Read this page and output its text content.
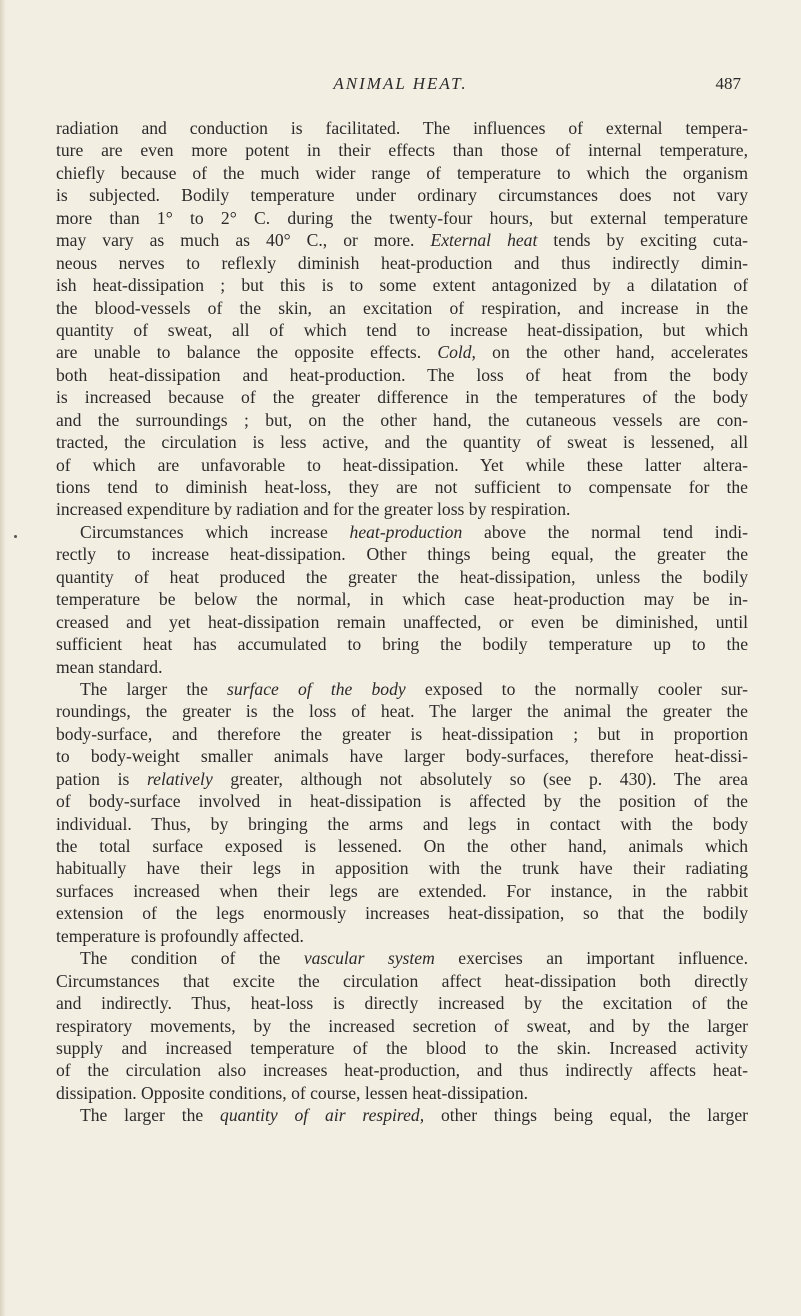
ANIMAL HEAT.	487
radiation and conduction is facilitated. The influences of external tempera-
ture are even more potent in their effects than those of internal temperature,
chiefly because of the much wider range of temperature to which the organism
is subjected. Bodily temperature under ordinary circumstances does not vary
more than 1° to 2° C. during the twenty-four hours, but external temperature
may vary as much as 40° C., or more. External heat tends by exciting cuta-
neous nerves to reflexly diminish heat-production and thus indirectly dimin-
ish heat-dissipation ; but this is to some extent antagonized by a dilatation of
the blood-vessels of the skin, an excitation of respiration, and increase in the
quantity of sweat, all of which tend to increase heat-dissipation, but which
are unable to balance the opposite effects. Cold, on the other hand, accelerates
both heat-dissipation and heat-production. The loss of heat from the body
is increased because of the greater difference in the temperatures of the body
and the surroundings ; but, on the other hand, the cutaneous vessels are con-
tracted, the circulation is less active, and the quantity of sweat is lessened, all
of which are unfavorable to heat-dissipation. Yet while these latter altera-
tions tend to diminish heat-loss, they are not sufficient to compensate for the
increased expenditure by radiation and for the greater loss by respiration.
Circumstances which increase heat-production above the normal tend indi-
rectly to increase heat-dissipation. Other things being equal, the greater the
quantity of heat produced the greater the heat-dissipation, unless the bodily
temperature be below the normal, in which case heat-production may be in-
creased and yet heat-dissipation remain unaffected, or even be diminished, until
sufficient heat has accumulated to bring the bodily temperature up to the
mean standard.
The larger the surface of the body exposed to the normally cooler sur-
roundings, the greater is the loss of heat. The larger the animal the greater the
body-surface, and therefore the greater is heat-dissipation ; but in proportion
to body-weight smaller animals have larger body-surfaces, therefore heat-dissi-
pation is relatively greater, although not absolutely so (see p. 430). The area
of body-surface involved in heat-dissipation is affected by the position of the
individual. Thus, by bringing the arms and legs in contact with the body
the total surface exposed is lessened. On the other hand, animals which
habitually have their legs in apposition with the trunk have their radiating
surfaces increased when their legs are extended. For instance, in the rabbit
extension of the legs enormously increases heat-dissipation, so that the bodily
temperature is profoundly affected.
The condition of the vascular system exercises an important influence.
Circumstances that excite the circulation affect heat-dissipation both directly
and indirectly. Thus, heat-loss is directly increased by the excitation of the
respiratory movements, by the increased secretion of sweat, and by the larger
supply and increased temperature of the blood to the skin. Increased activity
of the circulation also increases heat-production, and thus indirectly affects heat-
dissipation. Opposite conditions, of course, lessen heat-dissipation.
The larger the quantity of air respired, other things being equal, the larger
